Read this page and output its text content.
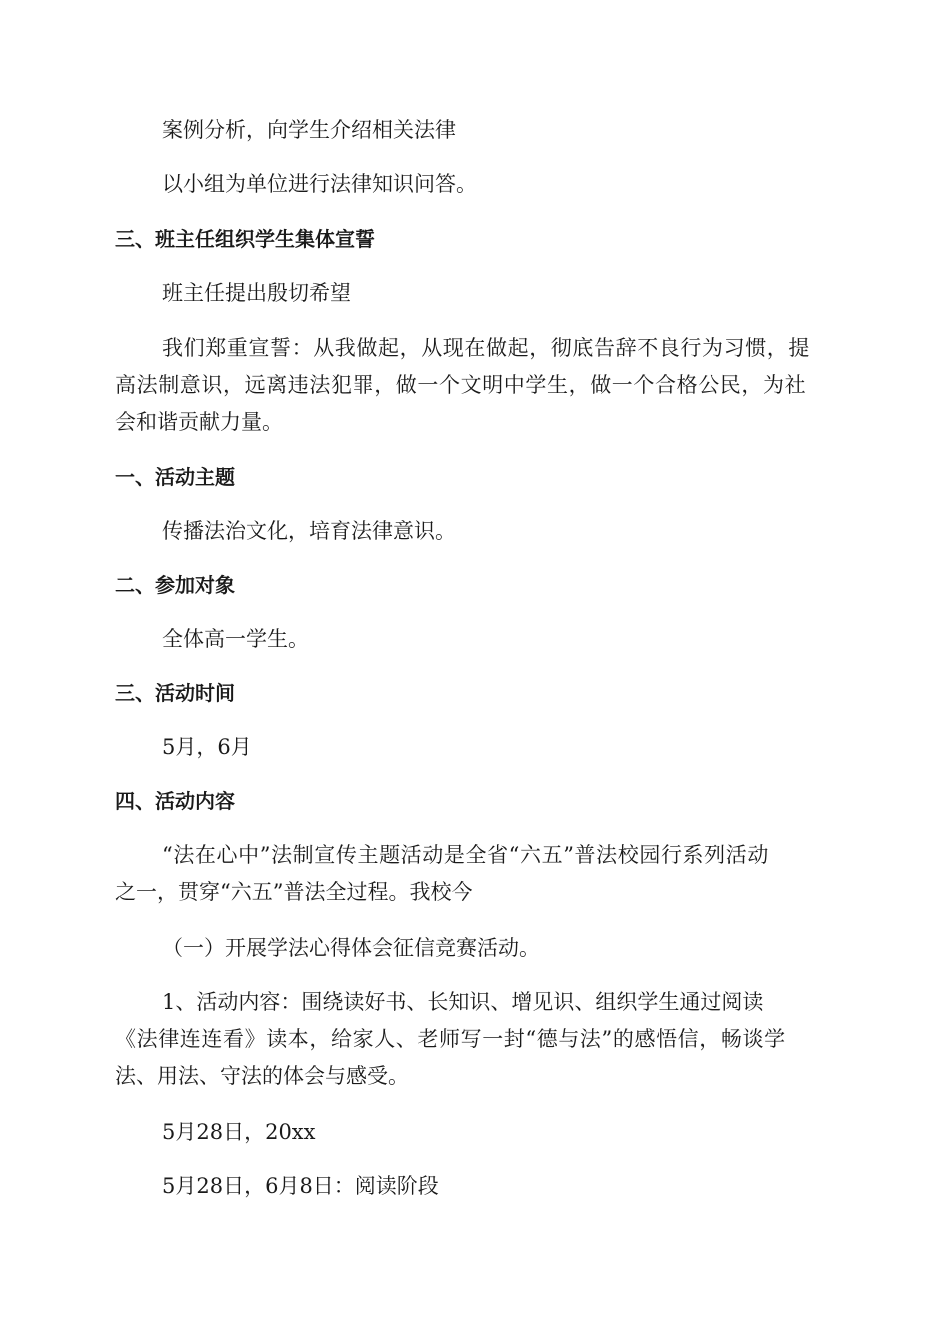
案例分析，向学生介绍相关法律
以小组为单位进行法律知识问答。
三、班主任组织学生集体宣誓
班主任提出殷切希望
我们郑重宣誓：从我做起，从现在做起，彻底告辞不良行为习惯，提
高法制意识，远离违法犯罪，做一个文明中学生，做一个合格公民，为社
会和谐贡献力量。
一、活动主题
传播法治文化，培育法律意识。
二、参加对象
全体高一学生。
三、活动时间
5月，6月
四、活动内容
“法在心中”法制宣传主题活动是全省“六五”普法校园行系列活动
之一，贯穿“六五”普法全过程。我校今
（一）开展学法心得体会征信竞赛活动。
1、活动内容：围绕读好书、长知识、增见识、组织学生通过阅读
《法律连连看》读本，给家人、老师写一封“德与法”的感悟信，畅谈学
法、用法、守法的体会与感受。
5月28日，20xx
5月28日，6月8日：阅读阶段
